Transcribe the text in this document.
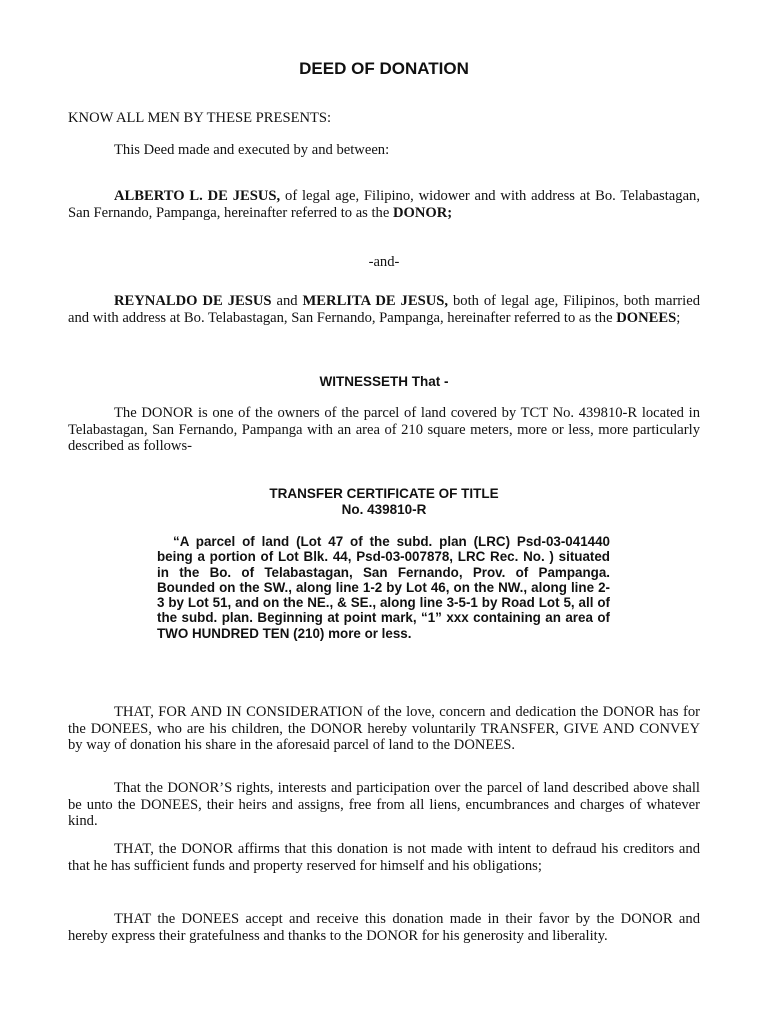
DEED OF DONATION

KNOW ALL MEN BY THESE PRESENTS:

This Deed made and executed by and between:

ALBERTO L. DE JESUS, of legal age, Filipino, widower and with address at Bo. Telabastagan, San Fernando, Pampanga, hereinafter referred to as the DONOR;

-and-

REYNALDO DE JESUS and MERLITA DE JESUS, both of legal age, Filipinos, both married and with address at Bo. Telabastagan, San Fernando, Pampanga, hereinafter referred to as the DONEES;

WITNESSETH That -

The DONOR is one of the owners of the parcel of land covered by TCT No. 439810-R located in Telabastagan, San Fernando, Pampanga with an area of 210 square meters, more or less, more particularly described as follows-

TRANSFER CERTIFICATE OF TITLE

No. 439810-R

“A parcel of land (Lot 47 of the subd. plan (LRC) Psd-03-041440 being a portion of Lot Blk. 44, Psd-03-007878, LRC Rec. No. ) situated in the Bo. of Telabastagan, San Fernando, Prov. of Pampanga. Bounded on the SW., along line 1-2 by Lot 46, on the NW., along line 2-3 by Lot 51, and on the NE., & SE., along line 3-5-1 by Road Lot 5, all of the subd. plan. Beginning at point mark, “1” xxx containing an area of TWO HUNDRED TEN (210) more or less.

THAT, FOR AND IN CONSIDERATION of the love, concern and dedication the DONOR has for the DONEES, who are his children, the DONOR hereby voluntarily TRANSFER, GIVE AND CONVEY by way of donation his share in the aforesaid parcel of land to the DONEES.

That the DONOR’S rights, interests and participation over the parcel of land described above shall be unto the DONEES, their heirs and assigns, free from all liens, encumbrances and charges of whatever kind.

THAT, the DONOR affirms that this donation is not made with intent to defraud his creditors and that he has sufficient funds and property reserved for himself and his obligations;

THAT the DONEES accept and receive this donation made in their favor by the DONOR and hereby express their gratefulness and thanks to the DONOR for his generosity and liberality.
